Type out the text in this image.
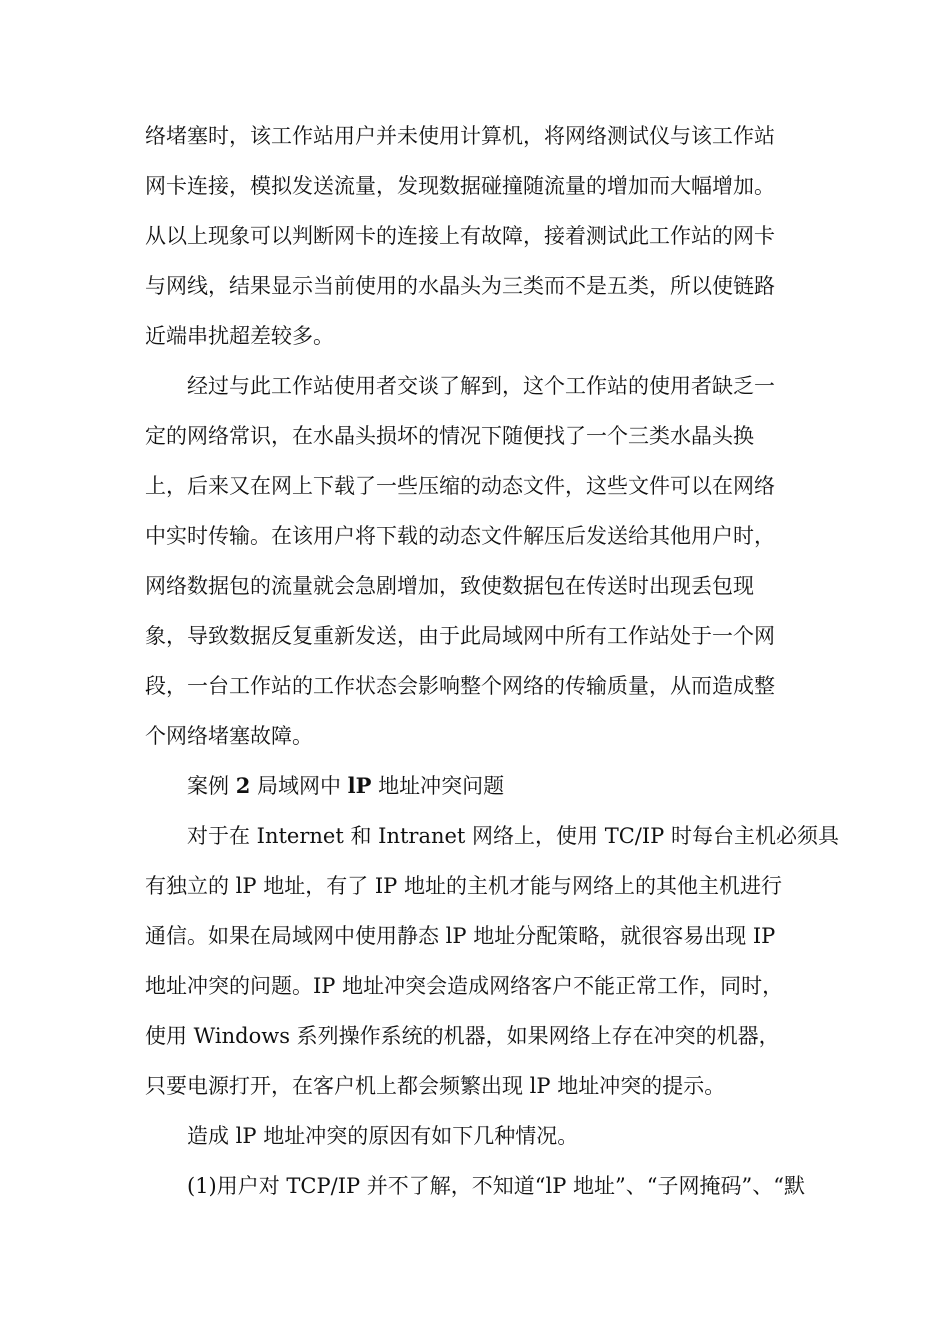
络堵塞时，该工作站用户并未使用计算机，将网络测试仪与该工作站
网卡连接，模拟发送流量，发现数据碰撞随流量的增加而大幅增加。
从以上现象可以判断网卡的连接上有故障，接着测试此工作站的网卡
与网线，结果显示当前使用的水晶头为三类而不是五类，所以使链路
近端串扰超差较多。
经过与此工作站使用者交谈了解到，这个工作站的使用者缺乏一
定的网络常识，在水晶头损坏的情况下随便找了一个三类水晶头换
上，后来又在网上下载了一些压缩的动态文件，这些文件可以在网络
中实时传输。在该用户将下载的动态文件解压后发送给其他用户时，
网络数据包的流量就会急剧增加，致使数据包在传送时出现丢包现
象，导致数据反复重新发送，由于此局域网中所有工作站处于一个网
段，一台工作站的工作状态会影响整个网络的传输质量，从而造成整
个网络堵塞故障。
案例 2 局域网中 lP 地址冲突问题
对于在 Internet 和 Intranet 网络上，使用 TC/IP 时每台主机必须具
有独立的 lP 地址，有了 IP 地址的主机才能与网络上的其他主机进行
通信。如果在局域网中使用静态 lP 地址分配策略，就很容易出现 IP
地址冲突的问题。IP 地址冲突会造成网络客户不能正常工作，同时，
使用 Windows 系列操作系统的机器，如果网络上存在冲突的机器，
只要电源打开，在客户机上都会频繁出现 lP 地址冲突的提示。
造成 lP 地址冲突的原因有如下几种情况。
(1)用户对 TCP/IP 并不了解，不知道“lP 地址”、“子网掩码”、“默
